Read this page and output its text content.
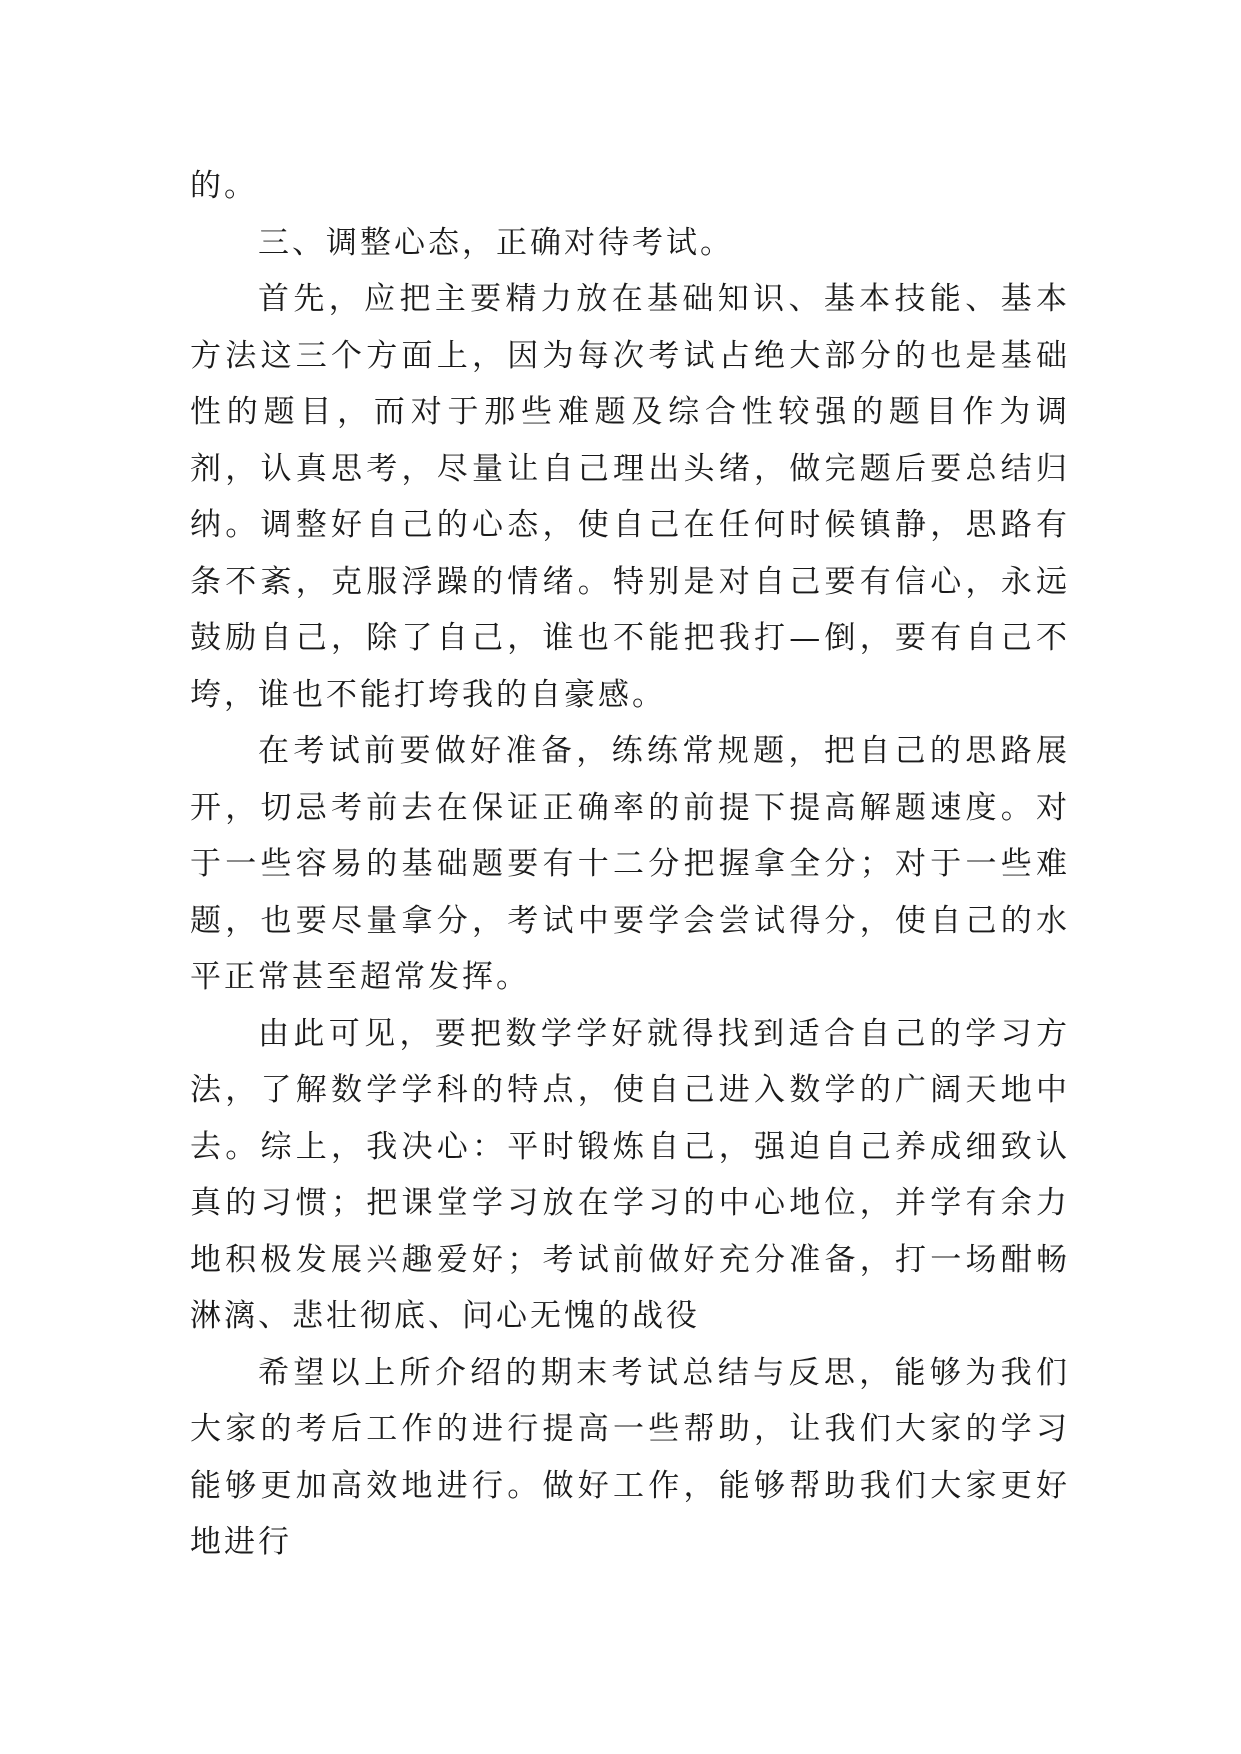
的。

三、调整心态，正确对待考试。

首先，应把主要精力放在基础知识、基本技能、基本方法这三个方面上，因为每次考试占绝大部分的也是基础性的题目，而对于那些难题及综合性较强的题目作为调剂，认真思考，尽量让自己理出头绪，做完题后要总结归纳。调整好自己的心态，使自己在任何时候镇静，思路有条不紊，克服浮躁的情绪。特别是对自己要有信心，永远鼓励自己，除了自己，谁也不能把我打—倒，要有自己不垮，谁也不能打垮我的自豪感。

在考试前要做好准备，练练常规题，把自己的思路展开，切忌考前去在保证正确率的前提下提高解题速度。对于一些容易的基础题要有十二分把握拿全分；对于一些难题，也要尽量拿分，考试中要学会尝试得分，使自己的水平正常甚至超常发挥。

由此可见，要把数学学好就得找到适合自己的学习方法，了解数学学科的特点，使自己进入数学的广阔天地中去。综上，我决心：平时锻炼自己，强迫自己养成细致认真的习惯；把课堂学习放在学习的中心地位，并学有余力地积极发展兴趣爱好；考试前做好充分准备，打一场酣畅淋漓、悲壮彻底、问心无愧的战役

希望以上所介绍的期末考试总结与反思，能够为我们大家的考后工作的进行提高一些帮助，让我们大家的学习能够更加高效地进行。做好工作，能够帮助我们大家更好地进行
